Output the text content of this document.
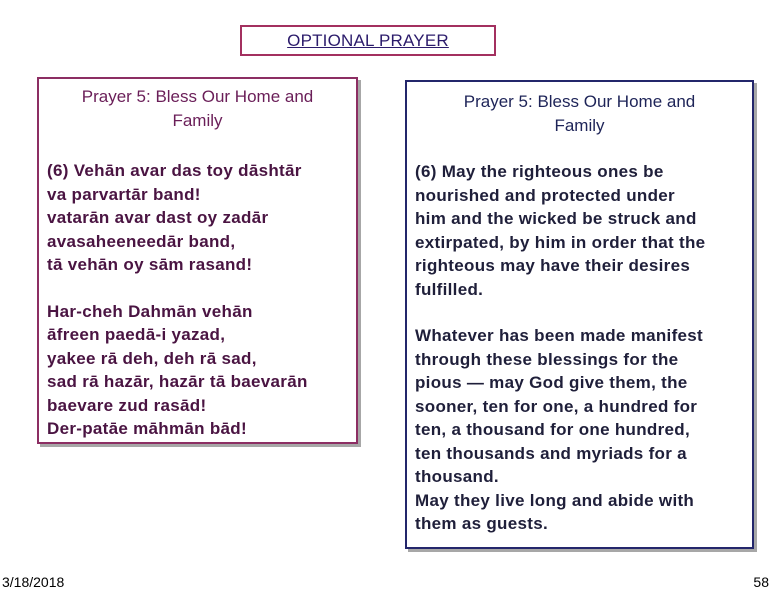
OPTIONAL PRAYER

Prayer 5: Bless Our Home and
Family

(6) Vehān avar das toy dāshtār
va parvartār band!
vatarān avar dast oy zadār
avasaheeneedār band,
tā vehān oy sām rasand!

Har-cheh Dahmān vehān
āfreen paedā-i yazad,
yakee rā deh, deh rā sad,
sad rā hazār, hazār tā baevarān
baevare zud rasād!
Der-patāe māhmān bād!

Prayer 5: Bless Our Home and
Family

(6) May the righteous ones be
nourished and protected under
him and the wicked be struck and
extirpated, by him in order that the
righteous may have their desires
fulfilled.

Whatever has been made manifest
through these blessings for the
pious — may God give them, the
sooner, ten for one, a hundred for
ten, a thousand for one hundred,
ten thousands and myriads for a
thousand.
May they live long and abide with
them as guests.

3/18/2018	58
